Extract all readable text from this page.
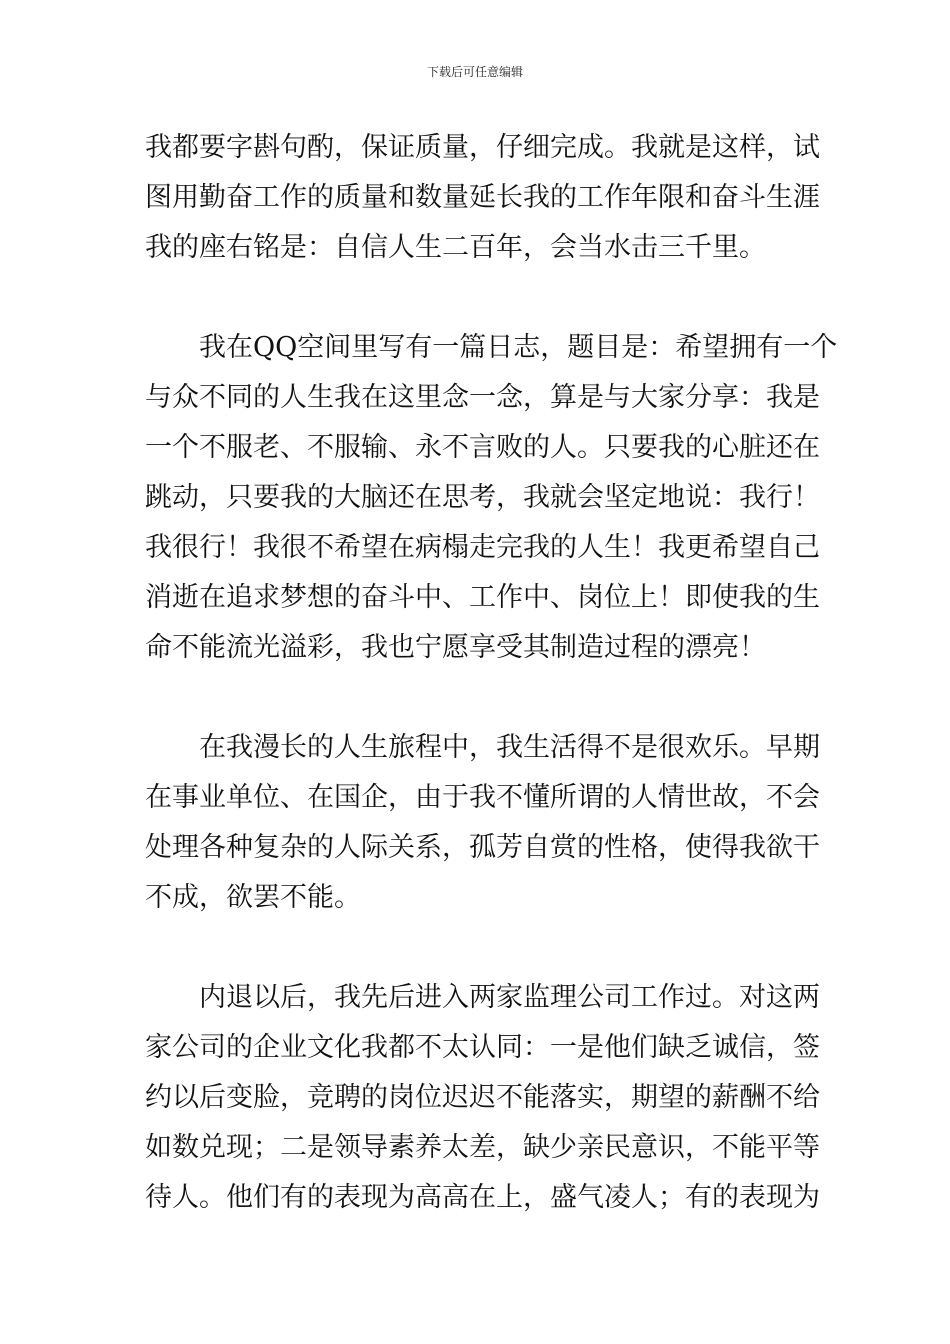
下载后可任意编辑
我都要字斟句酌，保证质量，仔细完成。我就是这样，试
图用勤奋工作的质量和数量延长我的工作年限和奋斗生涯
我的座右铭是：自信人生二百年，会当水击三千里。
我在QQ空间里写有一篇日志，题目是：希望拥有一个
与众不同的人生我在这里念一念，算是与大家分享：我是
一个不服老、不服输、永不言败的人。只要我的心脏还在
跳动，只要我的大脑还在思考，我就会坚定地说：我行！
我很行！我很不希望在病榻走完我的人生！我更希望自己
消逝在追求梦想的奋斗中、工作中、岗位上！即使我的生
命不能流光溢彩，我也宁愿享受其制造过程的漂亮！
在我漫长的人生旅程中，我生活得不是很欢乐。早期
在事业单位、在国企，由于我不懂所谓的人情世故，不会
处理各种复杂的人际关系，孤芳自赏的性格，使得我欲干
不成，欲罢不能。
内退以后，我先后进入两家监理公司工作过。对这两
家公司的企业文化我都不太认同：一是他们缺乏诚信，签
约以后变脸，竞聘的岗位迟迟不能落实，期望的薪酬不给
如数兑现；二是领导素养太差，缺少亲民意识，不能平等
待人。他们有的表现为高高在上，盛气凌人；有的表现为
